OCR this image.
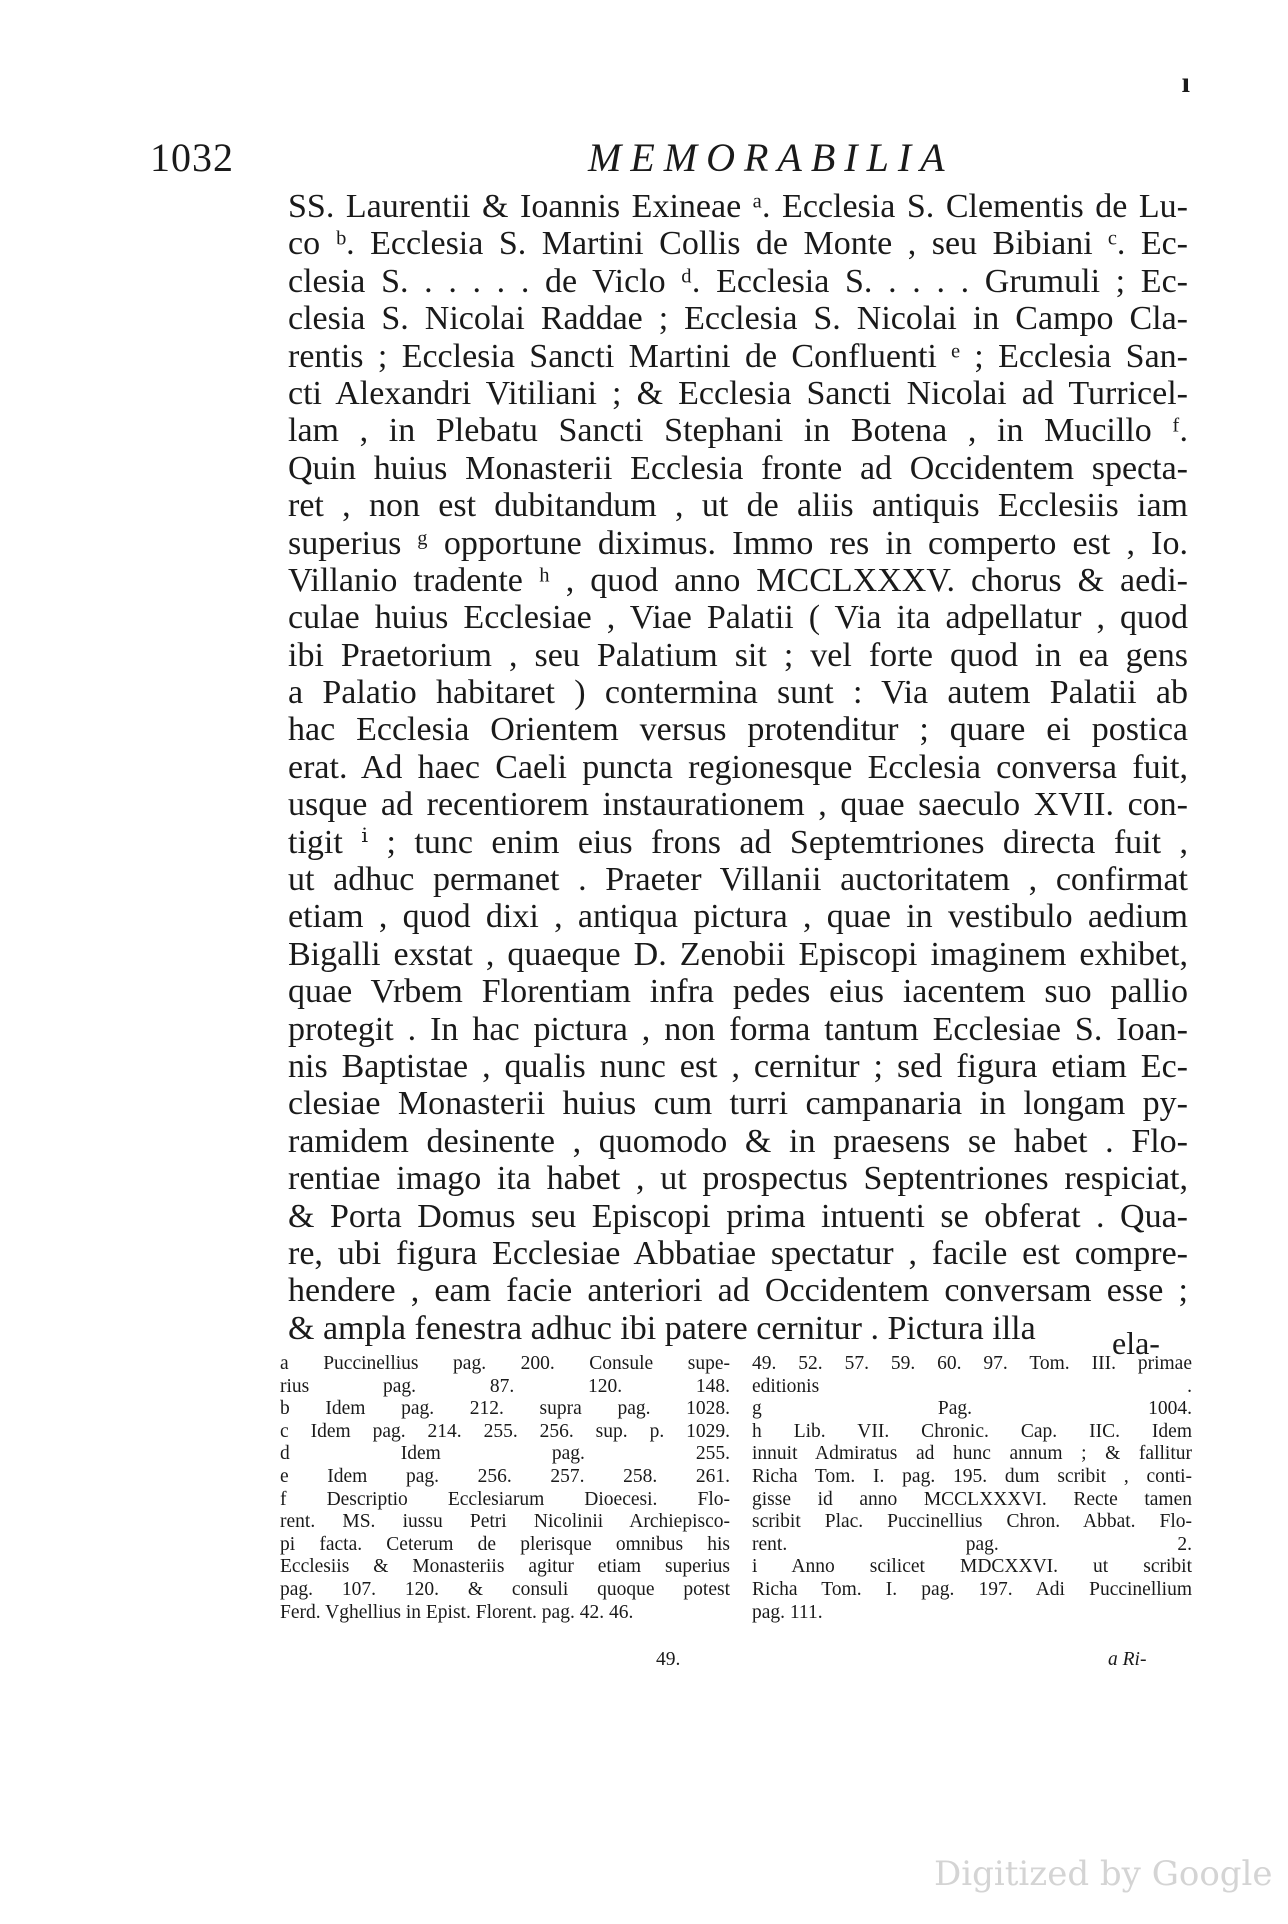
ı
1032	MEMORABILIA
SS. Laurentii & Ioannis Exineae ᵃ. Ecclesia S. Clementis de Lu-
co ᵇ. Ecclesia S. Martini Collis de Monte , seu Bibiani ᶜ. Ec-
clesia S. . . . . . de Viclo ᵈ. Ecclesia S. . . . . Grumuli ; Ec-
clesia S. Nicolai Raddae ; Ecclesia S. Nicolai in Campo Cla-
rentis ; Ecclesia Sancti Martini de Confluenti ᵉ ; Ecclesia San-
cti Alexandri Vitiliani ; & Ecclesia Sancti Nicolai ad Turricel-
lam , in Plebatu Sancti Stephani in Botena , in Mucillo ᶠ.
Quin huius Monasterii Ecclesia fronte ad Occidentem specta-
ret , non est dubitandum , ut de aliis antiquis Ecclesiis iam
superius ᵍ opportune diximus. Immo res in comperto est , Io.
Villanio tradente ʰ , quod anno MCCLXXXV. chorus & aedi-
culae huius Ecclesiae , Viae Palatii ( Via ita adpellatur , quod
ibi Praetorium , seu Palatium sit ; vel forte quod in ea gens
a Palatio habitaret ) contermina sunt : Via autem Palatii ab
hac Ecclesia Orientem versus protenditur ; quare ei postica
erat. Ad haec Caeli puncta regionesque Ecclesia conversa fuit,
usque ad recentiorem instaurationem , quae saeculo XVII. con-
tigit ⁱ ; tunc enim eius frons ad Septemtriones directa fuit ,
ut adhuc permanet . Praeter Villanii auctoritatem , confirmat
etiam , quod dixi , antiqua pictura , quae in vestibulo aedium
Bigalli exstat , quaeque D. Zenobii Episcopi imaginem exhibet,
quae Vrbem Florentiam infra pedes eius iacentem suo pallio
protegit . In hac pictura , non forma tantum Ecclesiae S. Ioan-
nis Baptistae , qualis nunc est , cernitur ; sed figura etiam Ec-
clesiae Monasterii huius cum turri campanaria in longam py-
ramidem desinente , quomodo & in praesens se habet . Flo-
rentiae imago ita habet , ut prospectus Septentriones respiciat,
& Porta Domus seu Episcopi prima intuenti se obferat . Qua-
re, ubi figura Ecclesiae Abbatiae spectatur , facile est compre-
hendere , eam facie anteriori ad Occidentem conversam esse ;
& ampla fenestra adhuc ibi patere cernitur . Pictura illa	ela-
a Puccinellius pag. 200. Consule supe-
rius pag. 87. 120. 148.
b Idem pag. 212. supra pag. 1028.
c Idem pag. 214. 255. 256. sup. p. 1029.
d Idem pag. 255.
e Idem pag. 256. 257. 258. 261.
f Descriptio Ecclesiarum Dioecesi. Flo-
rent. MS. iussu Petri Nicolinii Archiepisco-
pi facta. Ceterum de plerisque omnibus his
Ecclesiis & Monasteriis agitur etiam superius
pag. 107. 120. & consuli quoque potest
Ferd. Vghellius in Epist. Florent. pag. 42. 46.
49.
49. 52. 57. 59. 60. 97. Tom. III. primae
editionis .
g Pag. 1004.
h Lib. VII. Chronic. Cap. IIC. Idem
innuit Admiratus ad hunc annum ; & fallitur
Richa Tom. I. pag. 195. dum scribit , conti-
gisse id anno MCCLXXXVI. Recte tamen
scribit Plac. Puccinellius Chron. Abbat. Flo-
rent. pag. 2.
i Anno scilicet MDCXXVI. ut scribit
Richa Tom. I. pag. 197. Adi Puccinellium
pag. 111.
a Ri-
Digitized by Google
